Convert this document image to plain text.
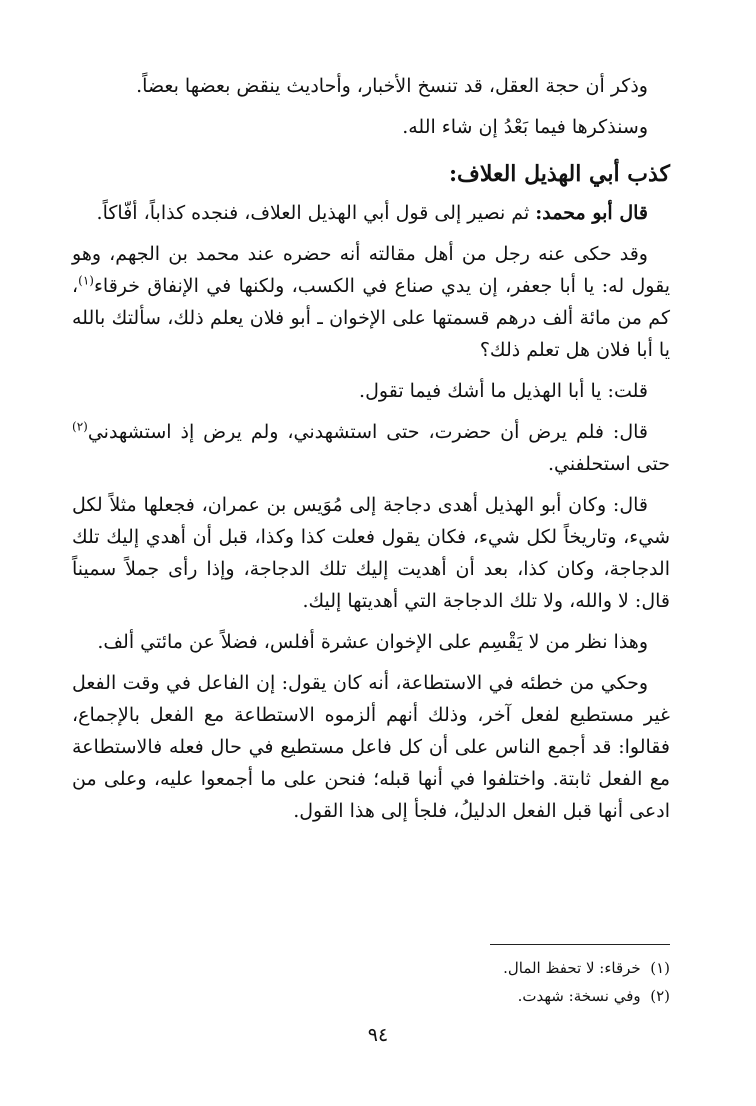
وذكر أن حجة العقل، قد تنسخ الأخبار، وأحاديث ينقض بعضها بعضاً.

وسنذكرها فيما بَعْدُ إن شاء الله.

كذب أبي الهذيل العلاف:

قال أبو محمد: ثم نصير إلى قول أبي الهذيل العلاف، فنجده كذاباً، أفّاكاً.

وقد حكى عنه رجل من أهل مقالته أنه حضره عند محمد بن الجهم، وهو يقول له: يا أبا جعفر، إن يدي صناع في الكسب، ولكنها في الإنفاق خرقاء$^{(١)}$، كم من مائة ألف درهم قسمتها على الإخوان ـ أبو فلان يعلم ذلك، سألتك بالله يا أبا فلان هل تعلم ذلك؟

قلت: يا أبا الهذيل ما أشك فيما تقول.

قال: فلم يرض أن حضرت، حتى استشهدني، ولم يرض إذ استشهدني$^{(٢)}$ حتى استحلفني.

قال: وكان أبو الهذيل أهدى دجاجة إلى مُوَيس بن عمران، فجعلها مثلاً لكل شيء، وتاريخاً لكل شيء، فكان يقول فعلت كذا وكذا، قبل أن أهدي إليك تلك الدجاجة، وكان كذا، بعد أن أهديت إليك تلك الدجاجة، وإذا رأى جملاً سميناً قال: لا والله، ولا تلك الدجاجة التي أهديتها إليك.

وهذا نظر من لا يَقْسِم على الإخوان عشرة أفلس، فضلاً عن مائتي ألف.

وحكي من خطئه في الاستطاعة، أنه كان يقول: إن الفاعل في وقت الفعل غير مستطيع لفعل آخر، وذلك أنهم ألزموه الاستطاعة مع الفعل بالإجماع، فقالوا: قد أجمع الناس على أن كل فاعل مستطيع في حال فعله فالاستطاعة مع الفعل ثابتة. واختلفوا في أنها قبله؛ فنحن على ما أجمعوا عليه، وعلى من ادعى أنها قبل الفعل الدليلُ، فلجأ إلى هذا القول.

(١)  خرقاء: لا تحفظ المال.

(٢)  وفي نسخة: شهدت.

٩٤
